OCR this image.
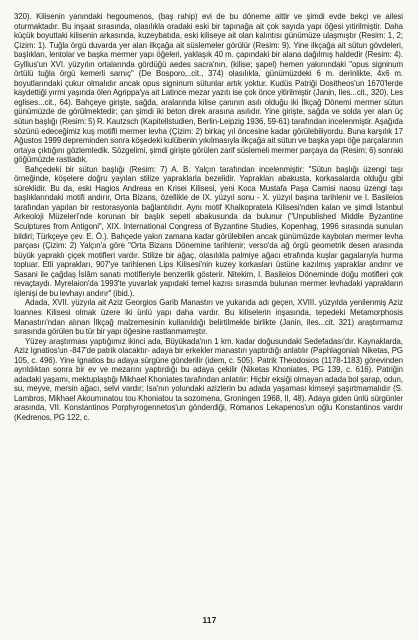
320). Kilisenin yanındaki hegoumenos, (baş rahip) evi de bu döneme aittir ve şimdi evde bekçi ve ailesi oturmaktadır. Bu inşaat sırasında, olasılıkla oradaki eski bir tapınağa ait çok sayıda yapı öğesi yıtirilmiştir. Daha küçük boyuttaki kilisenin arkasında, kuzeybatıda, eski kiliseye ait olan kalıntısı günümüze ulaşmıştır (Resim: 1, 2; Çizim: 1). Tuğla örgü duvarda yer alan ilkçağa ait süslemeler görülür (Resim: 9). Yine ilkçağa ait sütun gövdeleri, başlıkları, lentolar ve başka mermer yapı öğeleri, yaklaşık 40 m. çapındaki bir alana dağılmış haldedir (Resim: 4). Gyllius'un XVI. yüzyılın ortalarında gördüğü aedes sacra'nın, (kilise; şapel) hemen yakınındaki "opus signinum örtülü tuğla örgü kemerli sarnıç" (De Bosporo,..cit., 374) olasılıkla, günümüzdeki 6 m. derinlikte, 4x6 m. boyutlarındaki çukur olmalıdır ancak opus signinum sütunlar artık yoktur. Kudüs Patriği Dositheos'un 1670'lerde kaydettiği yırmi yaşında ölen Agrippa'ya ait Latince mezar yazıtı ise çok önce yitirilmiştir (Janin, Iles...cit., 320). Les eglises...cit., 64). Bahçeye girişte, sağda, aralarında kilise çanının asılı olduğu iki İlkçağ Dönemi mermer sütun günümüzde de görülmektedir; çan şimdi iki beton direk arasına asılıdır. Yine girişte, sağda ve solda yer alan üç sütun başlığı (Resim: 5) R. Kautzsch (Kapitellstudien, Berlin-Leipzig 1936, 59-61) tarafından incelenmiştir. Aşağıda sözünü edeceğimiz kuş motifli mermer levha (Çizim: 2) birkaç yıl öncesine kadar görülebiliyordu. Buna karşılık 17 Ağustos 1999 depreminden sonra köşedeki kulübenin yıkılmasıyla ilkçağa ait sütun ve başka yapı öğe parçalarının ortaya çıktığını gözlemledik. Sözgelimi, şimdi girişte görülen zarif süslemeli mermer parçaya da (Resim: 6) sonraki göğümüzde rastladık.

Bahçedeki bir sütun başlığı (Resim: 7) A. B. Yalçın tarafından incelenmiştir: "Sütun başlığı üzengi taşı örneğinde, köşelere doğru yayılan stilize yapraklarla bezelidir. Yaprakları abakusta, korkasalarda olduğu gibi süreklidir. Bu da, eski Hagios Andreas en Krisei Kilisesi, yeni Koca Mustafa Paşa Camisi naosu üzengi taşı başlıklarındaki motifi andırır, Orta Bizans, özellikle de IX. yüzyıl sonu - X. yüzyıl başına tarihlenir ve I. Basileios tarafından yapılan bir restorasyonla bağlantılıdır. Aynı motif Khalkopratela Kilisesi'nden kalan ve şimdi İstanbul Arkeoloji Müzeleri'nde korunan bir başlık sepeti abakusunda da bulunur ("Unpublished Middle Byzantine Sculptures from Antigoni", XIX. International Congress of Byzantine Studies, Kopenhag, 1996 sırasında sunulan bildiri; Türkçeye çev. E. Ö.). Bahçede yakın zamana kadar görülebilen ancak günümüzde kaybolan mermer levha parçası (Çizim: 2) Yalçın'a göre "Orta Bizans Dönemine tarihlenir; verso'da ağ örgü geometrik desen arasında büyük yapraklı çiçek motifleri vardır. Stilize bir ağaç, olasılıkla palmiye ağacı etrafında kuşlar gagalarıyla hurma topluar. Etli yaprakları, 907'ye tarihlenen Lips Kilisesi'nin kuzey korkasları üstüne kazılmış yapraklar andırır ve Sasani ile çağdaş İslâm sanatı motifleriyle benzerlik gösterir. Nitekim, I. Basileios Döneminde doğu motifleri çok revaçtaydı. Myrelaion'da 1993'te yuvarlak yapıdaki temel kazısı sırasında bulunan mermer levhadaki yaprakların işlenişi de bu levhayı andırır" (ibid.).

Adada, XVII. yüzyıla ait Aziz Georgios Garib Manastırı ve yukarıda adı geçen, XVIII. yüzyılda yenilenmiş Aziz Ioannes Kilisesi olmak üzere iki ünlü yapı daha vardır. Bu kiliselerin inşasında, tepedeki Metamorphosis Manastırı'ndan alınan İlkçağ malzemesinin kullanıldığı belirtilmekle birlikte (Janin, Iles...cit. 321) araştırmamız sırasında görülen bu tür bir yapı öğesine rastlanmamıştır.

Yüzey araştırması yaptığımız ikinci ada, Büyükada'nın 1 km. kadar doğusundaki Sedefadası'dır. Kaynaklarda, Aziz Ignatios'un -847'de patrik olacaktır- adaya bir erkekler manastırı yaptırdığı anlatılır (Paphlagonialı Niketas, PG 105, c. 496). Yine Ignatios bu adaya sürgüne gönderilir (idem, c. 505). Patrik Theodosios (1178-1183) görevinden ayrıldıktan sonra bir ev ve mezarını yaptırdığı bu adaya çekilir (Niketas Khoniates, PG 139, c. 616). Patriğin adadaki yaşamı, mektuplaştığı Mikhael Khoniates tarafından anlatılır: Hiçbir eksiği olmayan adada bol şarap, odun, su, meyve, mersin ağacı, selvi vardır; Isa'nın yolundaki azizlerin bu adada yaşaması kimseyi şaşırtmamalıdır (S. Lambros, Mikhael Akoumınatou tou Khoniatou ta sozomena, Groningen 1968, II, 48). Adaya giden ünlü sürgünler arasında, VII. Konstantinos Porphyrogennetos'un gönderdiği, Romanos Lekapenos'un oğlu Konstantinos vardır (Kedrenos, PG 122, c.

117
